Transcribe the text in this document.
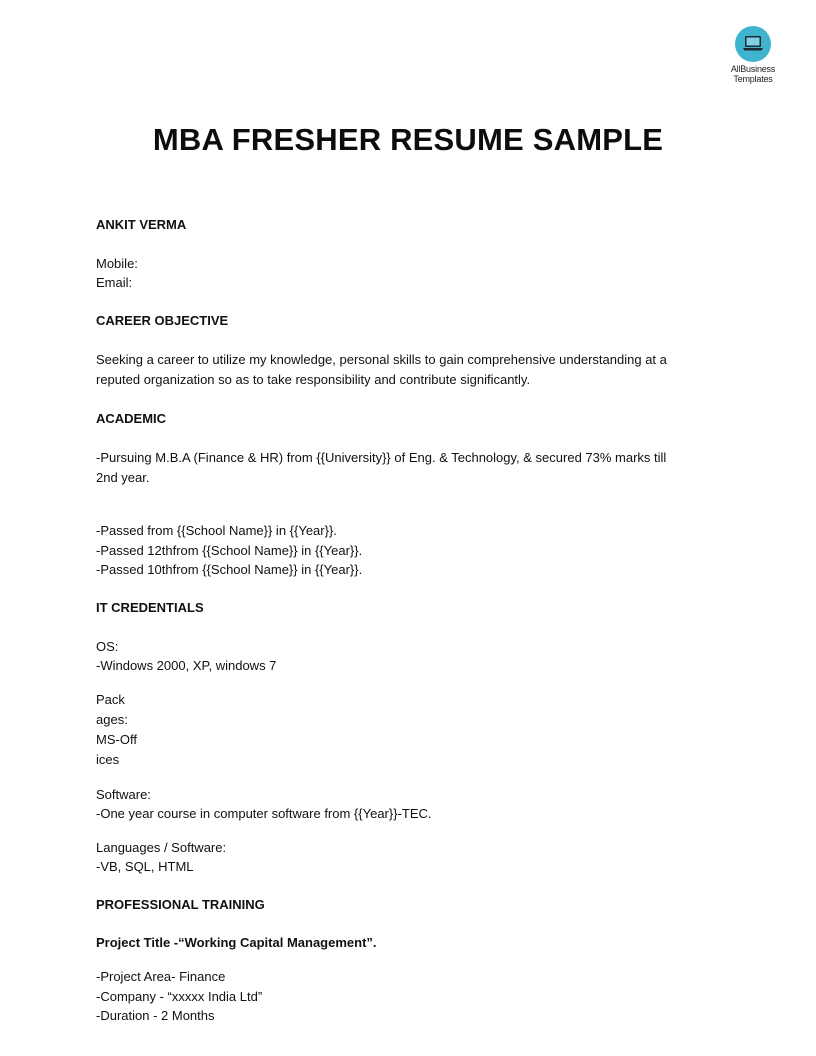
AllBusiness
Templates
MBA FRESHER RESUME SAMPLE
ANKIT VERMA
Mobile:
Email:
CAREER OBJECTIVE
Seeking a career to utilize my knowledge, personal skills to gain comprehensive understanding at a
reputed organization so as to take responsibility and contribute significantly.
ACADEMIC
-Pursuing M.B.A (Finance & HR) from {{University}} of Eng. & Technology, & secured 73% marks till
2nd year.
-Passed from {{School Name}} in {{Year}}.
-Passed 12thfrom {{School Name}} in {{Year}}.
-Passed 10thfrom {{School Name}} in {{Year}}.
IT CREDENTIALS
OS:
-Windows 2000, XP, windows 7
Pack
ages:
MS-Off
ices
Software:
-One year course in computer software from {{Year}}-TEC.
Languages / Software:
-VB, SQL, HTML
PROFESSIONAL TRAINING
Project Title -“Working Capital Management”.
-Project Area- Finance
-Company - “xxxxx India Ltd”
-Duration - 2 Months
